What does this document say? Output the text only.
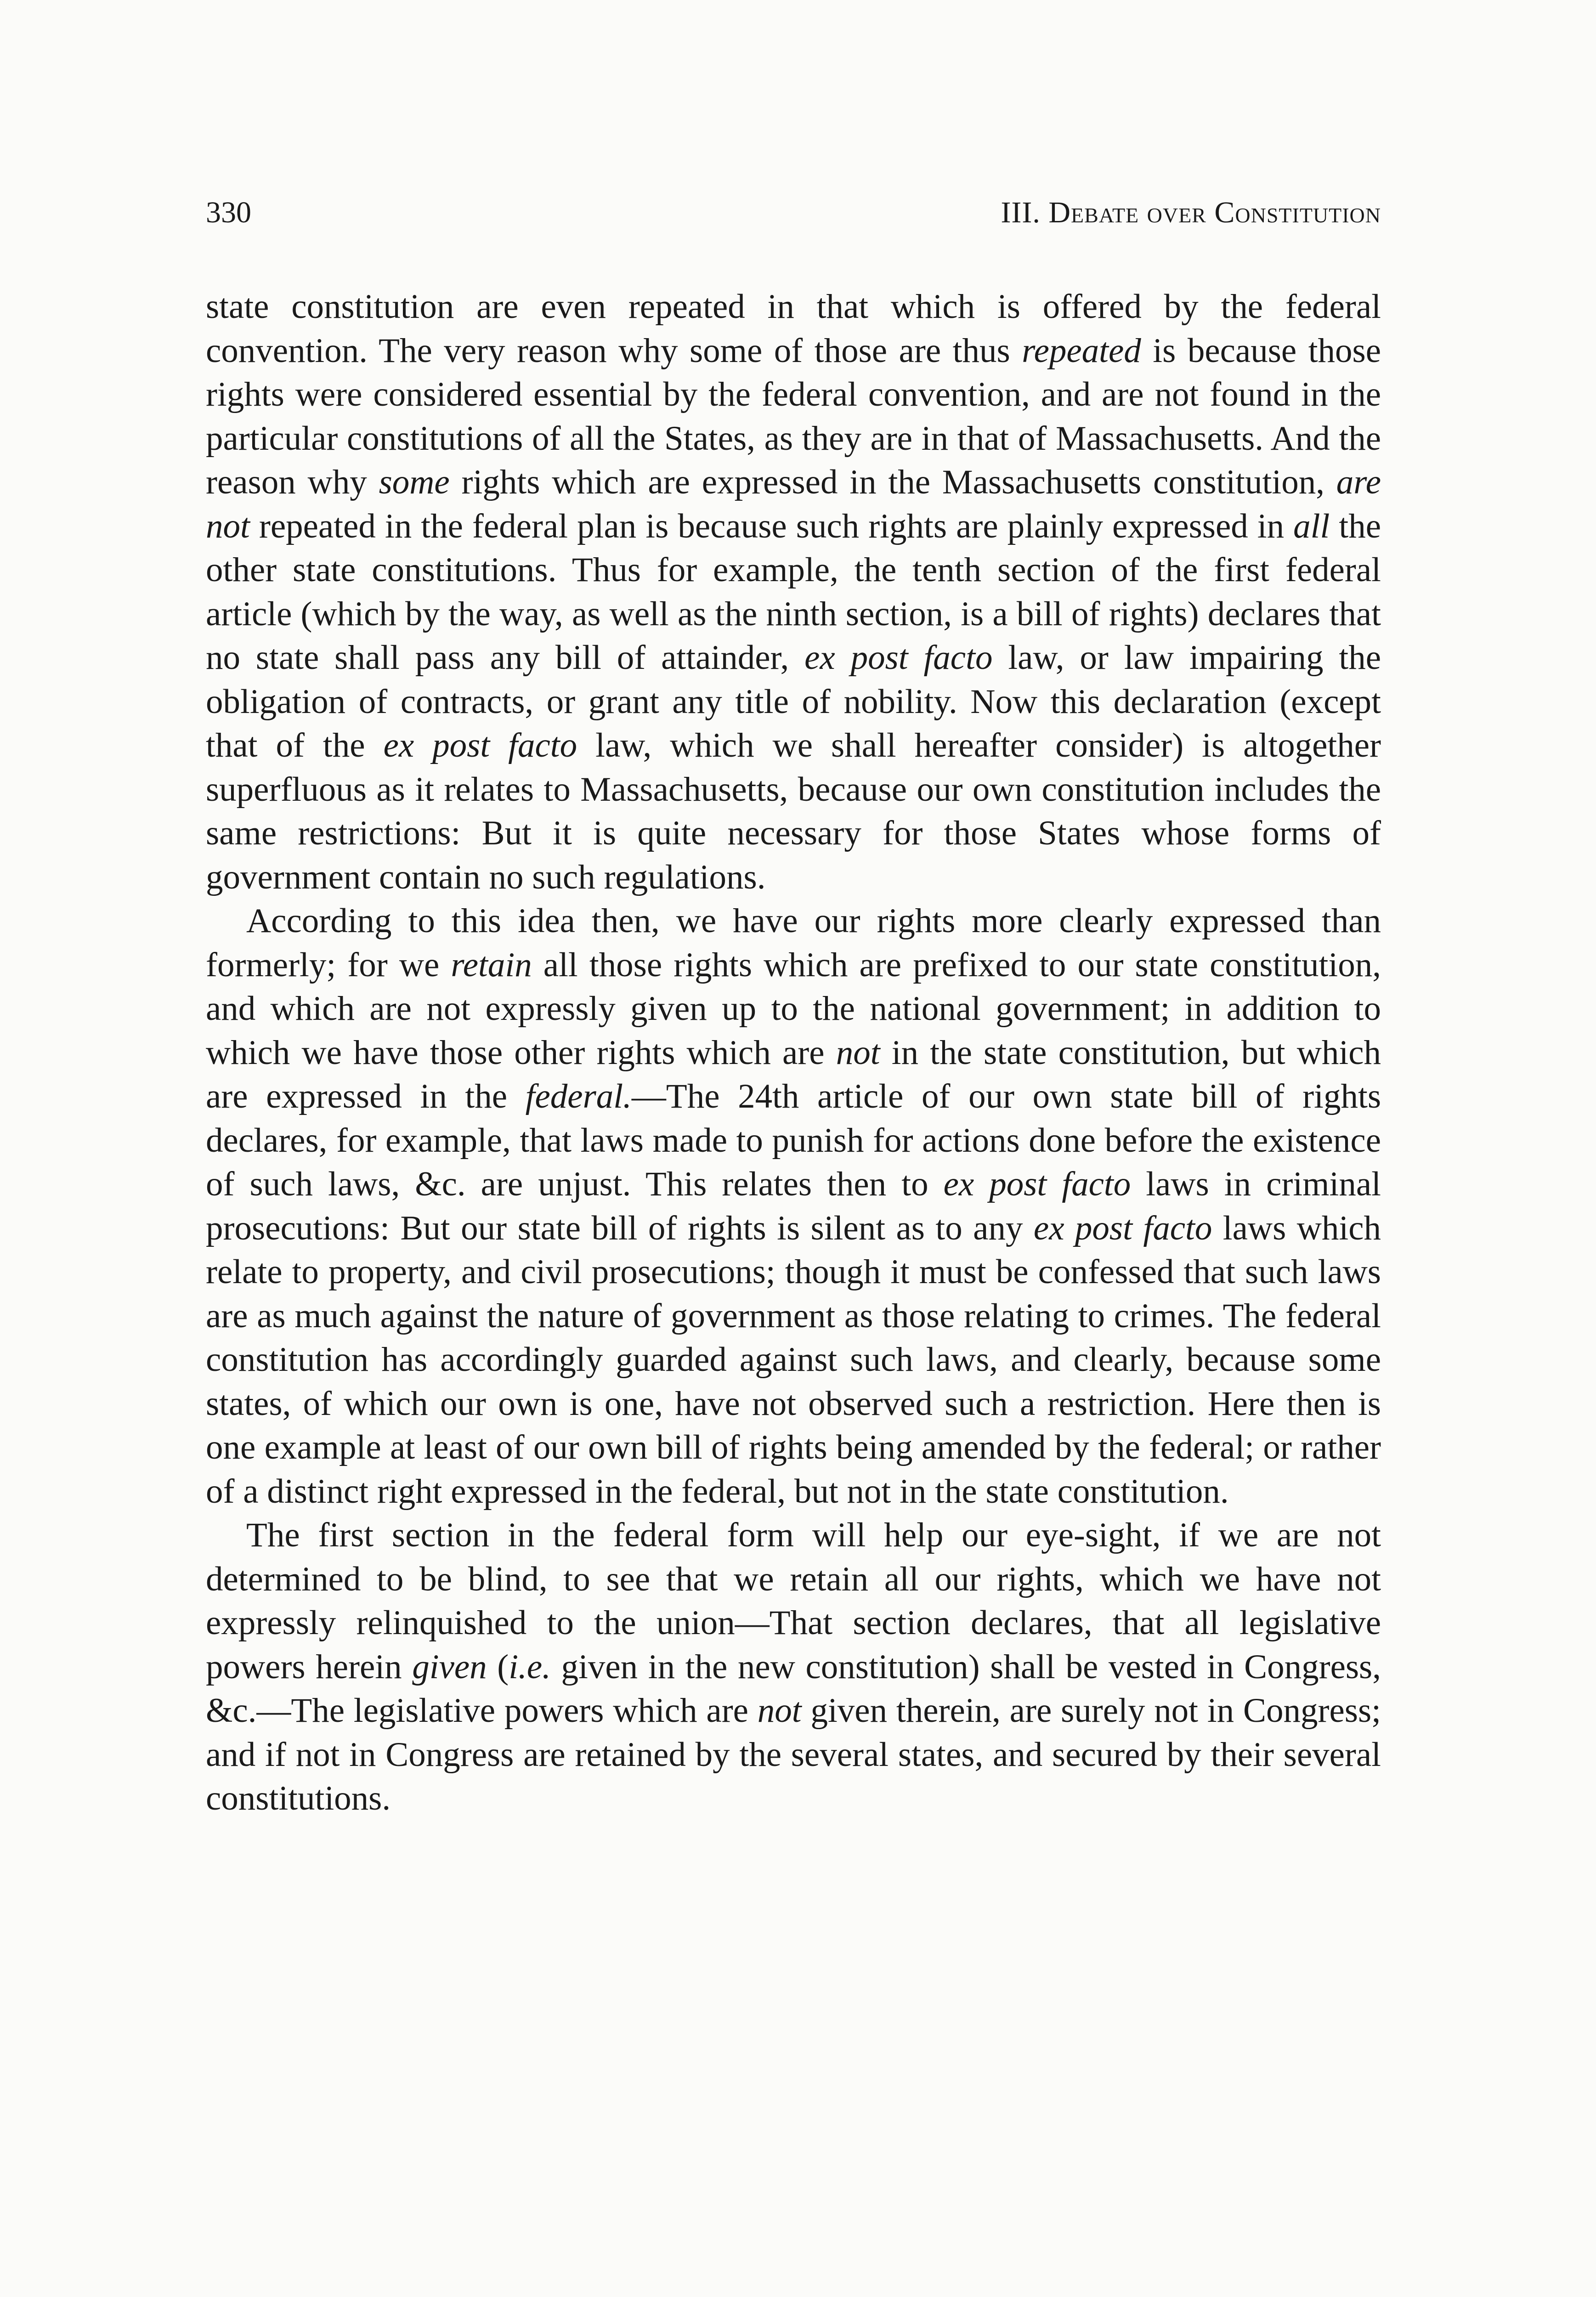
330	III. Debate over Constitution

state constitution are even repeated in that which is offered by the federal convention. The very reason why some of those are thus repeated is because those rights were considered essential by the federal convention, and are not found in the particular constitutions of all the States, as they are in that of Massachusetts. And the reason why some rights which are expressed in the Massachusetts constitution, are not repeated in the federal plan is because such rights are plainly expressed in all the other state constitutions. Thus for example, the tenth section of the first federal article (which by the way, as well as the ninth section, is a bill of rights) declares that no state shall pass any bill of attainder, ex post facto law, or law impairing the obligation of contracts, or grant any title of nobility. Now this declaration (except that of the ex post facto law, which we shall hereafter consider) is altogether superfluous as it relates to Massachusetts, because our own constitution includes the same restrictions: But it is quite necessary for those States whose forms of government contain no such regulations.

According to this idea then, we have our rights more clearly expressed than formerly; for we retain all those rights which are prefixed to our state constitution, and which are not expressly given up to the national government; in addition to which we have those other rights which are not in the state constitution, but which are expressed in the federal.—The 24th article of our own state bill of rights declares, for example, that laws made to punish for actions done before the existence of such laws, &c. are unjust. This relates then to ex post facto laws in criminal prosecutions: But our state bill of rights is silent as to any ex post facto laws which relate to property, and civil prosecutions; though it must be confessed that such laws are as much against the nature of government as those relating to crimes. The federal constitution has accordingly guarded against such laws, and clearly, because some states, of which our own is one, have not observed such a restriction. Here then is one example at least of our own bill of rights being amended by the federal; or rather of a distinct right expressed in the federal, but not in the state constitution.

The first section in the federal form will help our eye-sight, if we are not determined to be blind, to see that we retain all our rights, which we have not expressly relinquished to the union—That section declares, that all legislative powers herein given (i.e. given in the new constitution) shall be vested in Congress, &c.—The legislative powers which are not given therein, are surely not in Congress; and if not in Congress are retained by the several states, and secured by their several constitutions.
